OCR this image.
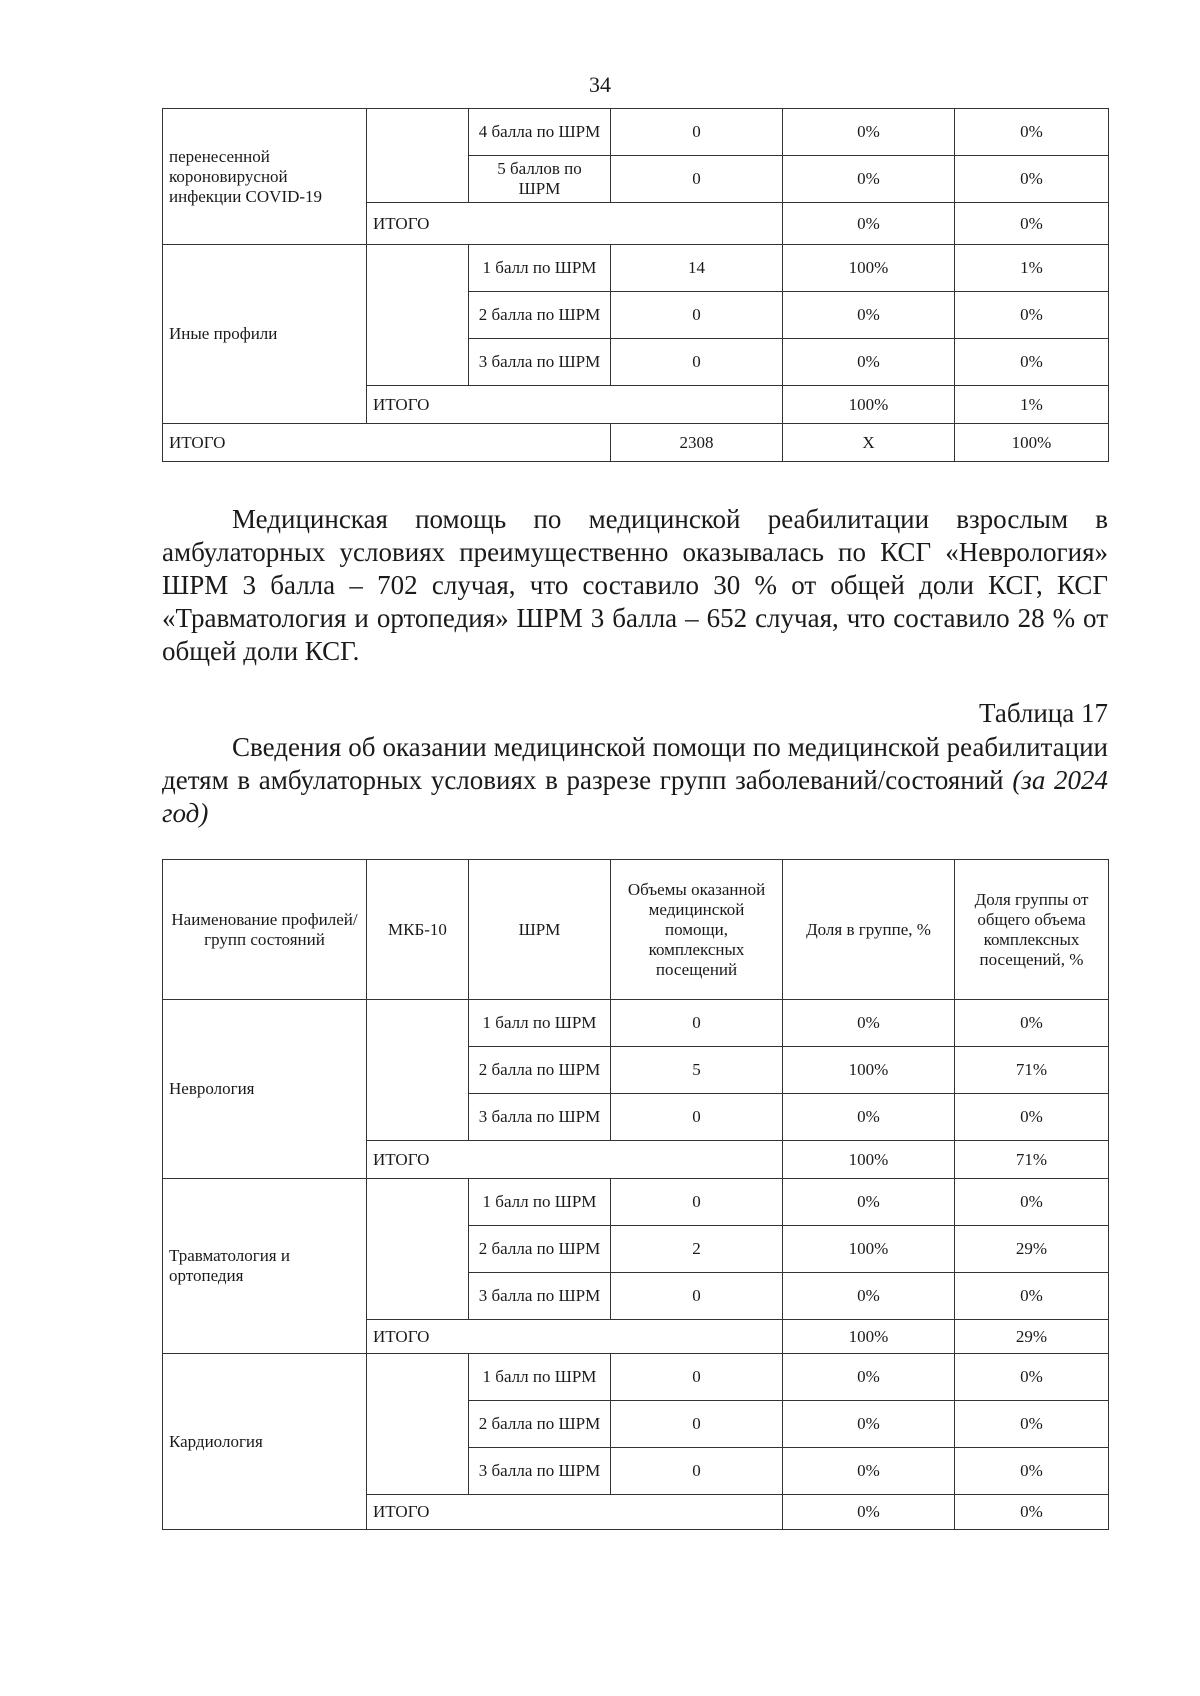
34
перенесенной короновирусной инфекции COVID-19		4 балла по ШРМ	0	0%	0%
		5 баллов по ШРМ	0	0%	0%
	ИТОГО			0%	0%
Иные профили		1 балл по ШРМ	14	100%	1%
		2 балла по ШРМ	0	0%	0%
		3 балла по ШРМ	0	0%	0%
	ИТОГО			100%	1%
ИТОГО			2308	Х	100%
Медицинская помощь по медицинской реабилитации взрослым в амбулаторных условиях преимущественно оказывалась по КСГ «Неврология» ШРМ 3 балла – 702 случая, что составило 30 % от общей доли КСГ, КСГ «Травматология и ортопедия» ШРМ 3 балла – 652 случая, что составило 28 % от общей доли КСГ.
Таблица 17
Сведения об оказании медицинской помощи по медицинской реабилитации детям в амбулаторных условиях в разрезе групп заболеваний/состояний (за 2024 год)
Наименование профилей/групп состояний	МКБ-10	ШРМ	Объемы оказанной медицинской помощи, комплексных посещений	Доля в группе, %	Доля группы от общего объема комплексных посещений, %
Неврология		1 балл по ШРМ	0	0%	0%
		2 балла по ШРМ	5	100%	71%
		3 балла по ШРМ	0	0%	0%
	ИТОГО			100%	71%
Травматология и ортопедия		1 балл по ШРМ	0	0%	0%
		2 балла по ШРМ	2	100%	29%
		3 балла по ШРМ	0	0%	0%
	ИТОГО			100%	29%
Кардиология		1 балл по ШРМ	0	0%	0%
		2 балла по ШРМ	0	0%	0%
		3 балла по ШРМ	0	0%	0%
	ИТОГО			0%	0%
